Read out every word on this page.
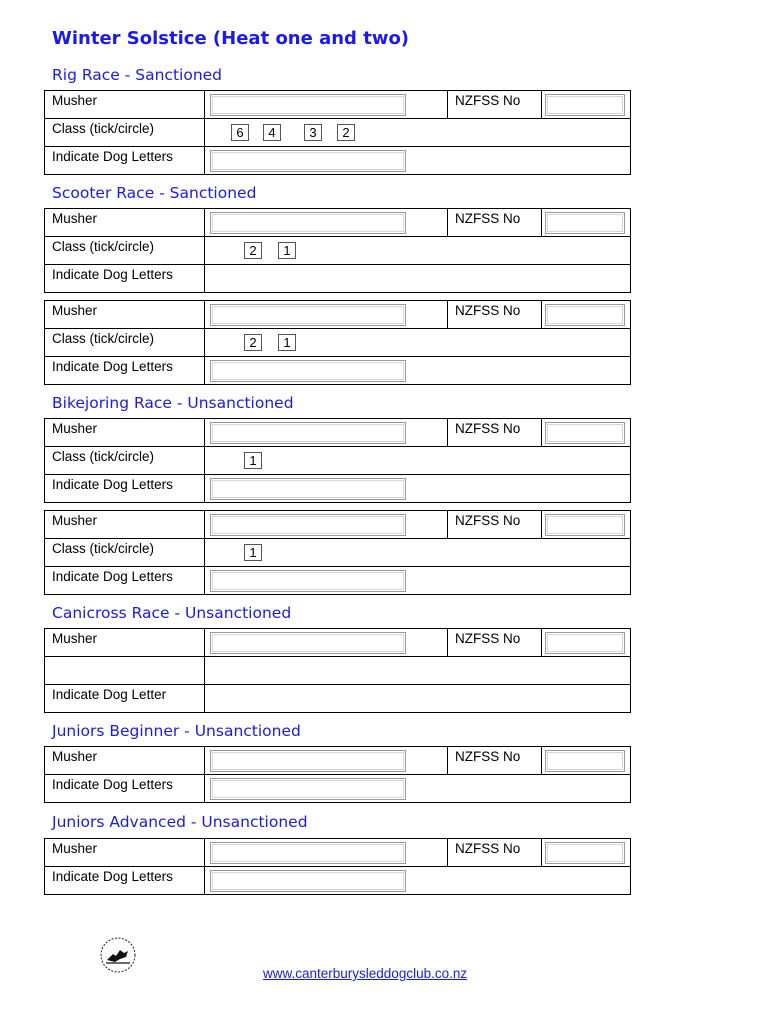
Winter Solstice (Heat one and two)
Rig Race - Sanctioned
Musher	NZFSS No
Class (tick/circle)	6	4	3	2
Indicate Dog Letters
Scooter Race - Sanctioned
Musher	NZFSS No
Class (tick/circle)	2	1
Indicate Dog Letters
Musher	NZFSS No
Class (tick/circle)	2	1
Indicate Dog Letters
Bikejoring Race - Unsanctioned
Musher	NZFSS No
Class (tick/circle)	1
Indicate Dog Letters
Musher	NZFSS No
Class (tick/circle)	1
Indicate Dog Letters
Canicross Race - Unsanctioned
Musher	NZFSS No
Indicate Dog Letter
Juniors Beginner - Unsanctioned
Musher	NZFSS No
Indicate Dog Letters
Juniors Advanced - Unsanctioned
Musher	NZFSS No
Indicate Dog Letters
www.canterburysleddogclub.co.nz
